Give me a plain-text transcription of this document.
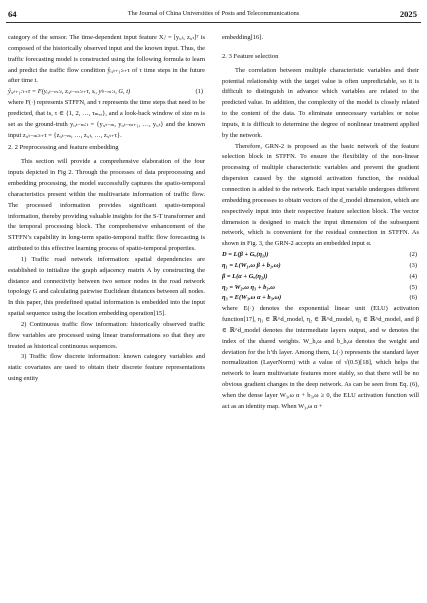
64	The Journal of China Universities of Posts and Telecommunications	2025

category of the sensor. The time-dependent input feature Xᵢᵗ = [yᵢ,ₜ, zᵢ,ₜ]ᵀ is composed of the historically observed input and the known input. Thus, the traffic forecasting model is constructed using the following formula to learn and predict the traffic flow condition ŷᵢ,ₜ₊₁:ₜ₊τ of τ time steps in the future after time t.

ŷᵢ,ₜ₊₁:ₜ₊τ = F(yᵢ,ₜ₋ₘ:ₜ, zᵢ,ₜ₋ₘ:ₜ₊τ, sᵢ, yʲₜ₋ₘ:ₜ, G, t)	(1)

where F(·) represents STFFN, and τ represents the time steps that need to be predicted, that is, τ ∈ {1, 2, …, τₘₐₓ}, and a look-back window of size m is set as the ground-truth yᵢ,ₜ₋ₘ:ₜ = {yᵢ,ₜ₋ₘ, yᵢ,ₜ₋ₘ₊₁, …, yᵢ,ₜ} and the known input zᵢ,ₜ₋ₘ:ₜ₊τ = {zᵢ,ₜ₋ₘ, …, zᵢ,ₜ, …, zᵢ,ₜ₊τ}.

2. 2 Preprocessing and feature embedding

This section will provide a comprehensive elaboration of the four inputs depicted in Fig 2. Through the processes of data preprocessing and embedding processing, the model successfully captures the spatio-temporal characteristics present within the multivariate information of traffic flow. The processed information provides significant spatio-temporal information, thereby providing valuable insights for the S-T transformer and the temporal processing block. The comprehensive enhancement of the STFFN’s capability in long-term spatio-temporal traffic flow forecasting is attributed to this effective learning process of spatio-temporal properties.

1) Traffic road network information: spatial dependencies are established to initialize the graph adjacency matrix A by constructing the distance and connectivity between two sensor nodes in the road network topology G and calculating pairwise Euclidean distances between all nodes. In this paper, this predefined spatial information is embedded into the input spatial sequence using the location embedding operation[15].

2) Continuous traffic flow information: historically observed traffic flow variables are processed using linear transformations so that they are treated as historical continuous sequences.

3) Traffic flow discrete information: known category variables and static covariates are used to obtain their discrete feature representations using entity

embedding[16].

2. 3 Feature selection

The correlation between multiple characteristic variables and their potential relationship with the target value is often unpredictable, so it is difficult to distinguish in advance which variables are related to the predicted value. In addition, the complexity of the model is closely related to the content of the data. To eliminate unnecessary variables or noise inputs, it is difficult to determine the degree of nonlinear treatment applied by the network.

Therefore, GRN-2 is proposed as the basic network of the feature selection block in STFFN. To ensure the flexibility of the non-linear processing of multiple characteristic variables and prevent the gradient dispersion caused by the sigmoid activation function, the residual connection is added to the network. Each input variable undergoes different embedding processes to obtain vectors of the d_model dimension, which are respectively input into their respective feature selection block. The vector dimension is designed to match the input dimension of the subsequent network, which is convenient for the residual connection in STFFN. As shown in Fig. 3, the GRN-2 accepts an embedded input α.

D = L(β + Gᵤ(η₁))	(2)
η₁ = L(W₁,ω β + b₁,ω)	(3)
β = L(α + Gᵤ(η₂))	(4)
η₂ = W₂,ω η₃ + b₂,ω	(5)
η₃ = E(W₃,ω α + b₃,ω)	(6)

where E(·) denotes the exponential linear unit (ELU) activation function[17], η₁ ∈ ℝ^d_model, η₂ ∈ ℝ^d_model, η₃ ∈ ℝ^d_model, and β ∈ ℝ^d_model denotes the intermediate layers output, and w denotes the index of the shared weights. W_h,ω and b_h,ω denotes the weight and deviation for the h’th layer. Among them, L(·) represents the standard layer normalization (LayerNorm) with a value of √(0.5)[18], which helps the network to learn multivariate features more stably, so that there will be no obvious gradient changes in the deep network. As can be seen from Eq. (6), when the dense layer W₃,ω α + b₃,ω ≥ 0, the ELU activation function will act as an identity map. When W₃,ω α +
